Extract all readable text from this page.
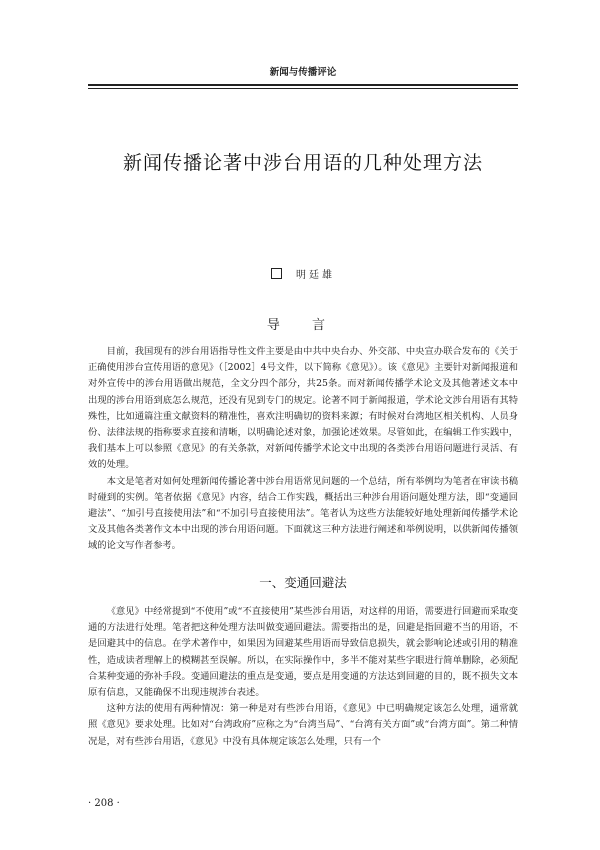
新闻与传播评论
新闻传播论著中涉台用语的几种处理方法
明廷雄
导 言

目前，我国现有的涉台用语指导性文件主要是由中共中央台办、外交部、中央宣办联合发布的《关于正确使用涉台宣传用语的意见》（［2002］4号文件，以下简称《意见》）。该《意见》主要针对新闻报道和对外宣传中的涉台用语做出规范，全文分四个部分，共25条。而对新闻传播学术论文及其他著述文本中出现的涉台用语到底怎么规范，还没有见到专门的规定。论著不同于新闻报道，学术论文涉台用语有其特殊性，比如通篇注重文献资料的精准性，喜欢注明确切的资料来源；有时候对台湾地区相关机构、人员身份、法律法规的指称要求直接和清晰，以明确论述对象，加强论述效果。尽管如此，在编辑工作实践中，我们基本上可以参照《意见》的有关条款，对新闻传播学术论文中出现的各类涉台用语问题进行灵活、有效的处理。

本文是笔者对如何处理新闻传播论著中涉台用语常见问题的一个总结，所有举例均为笔者在审读书稿时碰到的实例。笔者依据《意见》内容，结合工作实践，概括出三种涉台用语问题处理方法，即“变通回避法”、“加引号直接使用法”和“不加引号直接使用法”。笔者认为这些方法能较好地处理新闻传播学术论文及其他各类著作文本中出现的涉台用语问题。下面就这三种方法进行阐述和举例说明，以供新闻传播领域的论文写作者参考。

一、变通回避法

《意见》中经常提到“不使用”或“不直接使用”某些涉台用语，对这样的用语，需要进行回避而采取变通的方法进行处理。笔者把这种处理方法叫做变通回避法。需要指出的是，回避是指回避不当的用语，不是回避其中的信息。在学术著作中，如果因为回避某些用语而导致信息损失，就会影响论述或引用的精准性，造成读者理解上的模糊甚至误解。所以，在实际操作中，多半不能对某些字眼进行简单删除，必须配合某种变通的弥补手段。变通回避法的重点是变通，要点是用变通的方法达到回避的目的，既不损失文本原有信息，又能确保不出现违规涉台表述。

这种方法的使用有两种情况：第一种是对有些涉台用语，《意见》中已明确规定该怎么处理，通常就照《意见》要求处理。比如对“台湾政府”应称之为“台湾当局”、“台湾有关方面”或“台湾方面”。第二种情况是，对有些涉台用语，《意见》中没有具体规定该怎么处理，只有一个

· 208 ·
